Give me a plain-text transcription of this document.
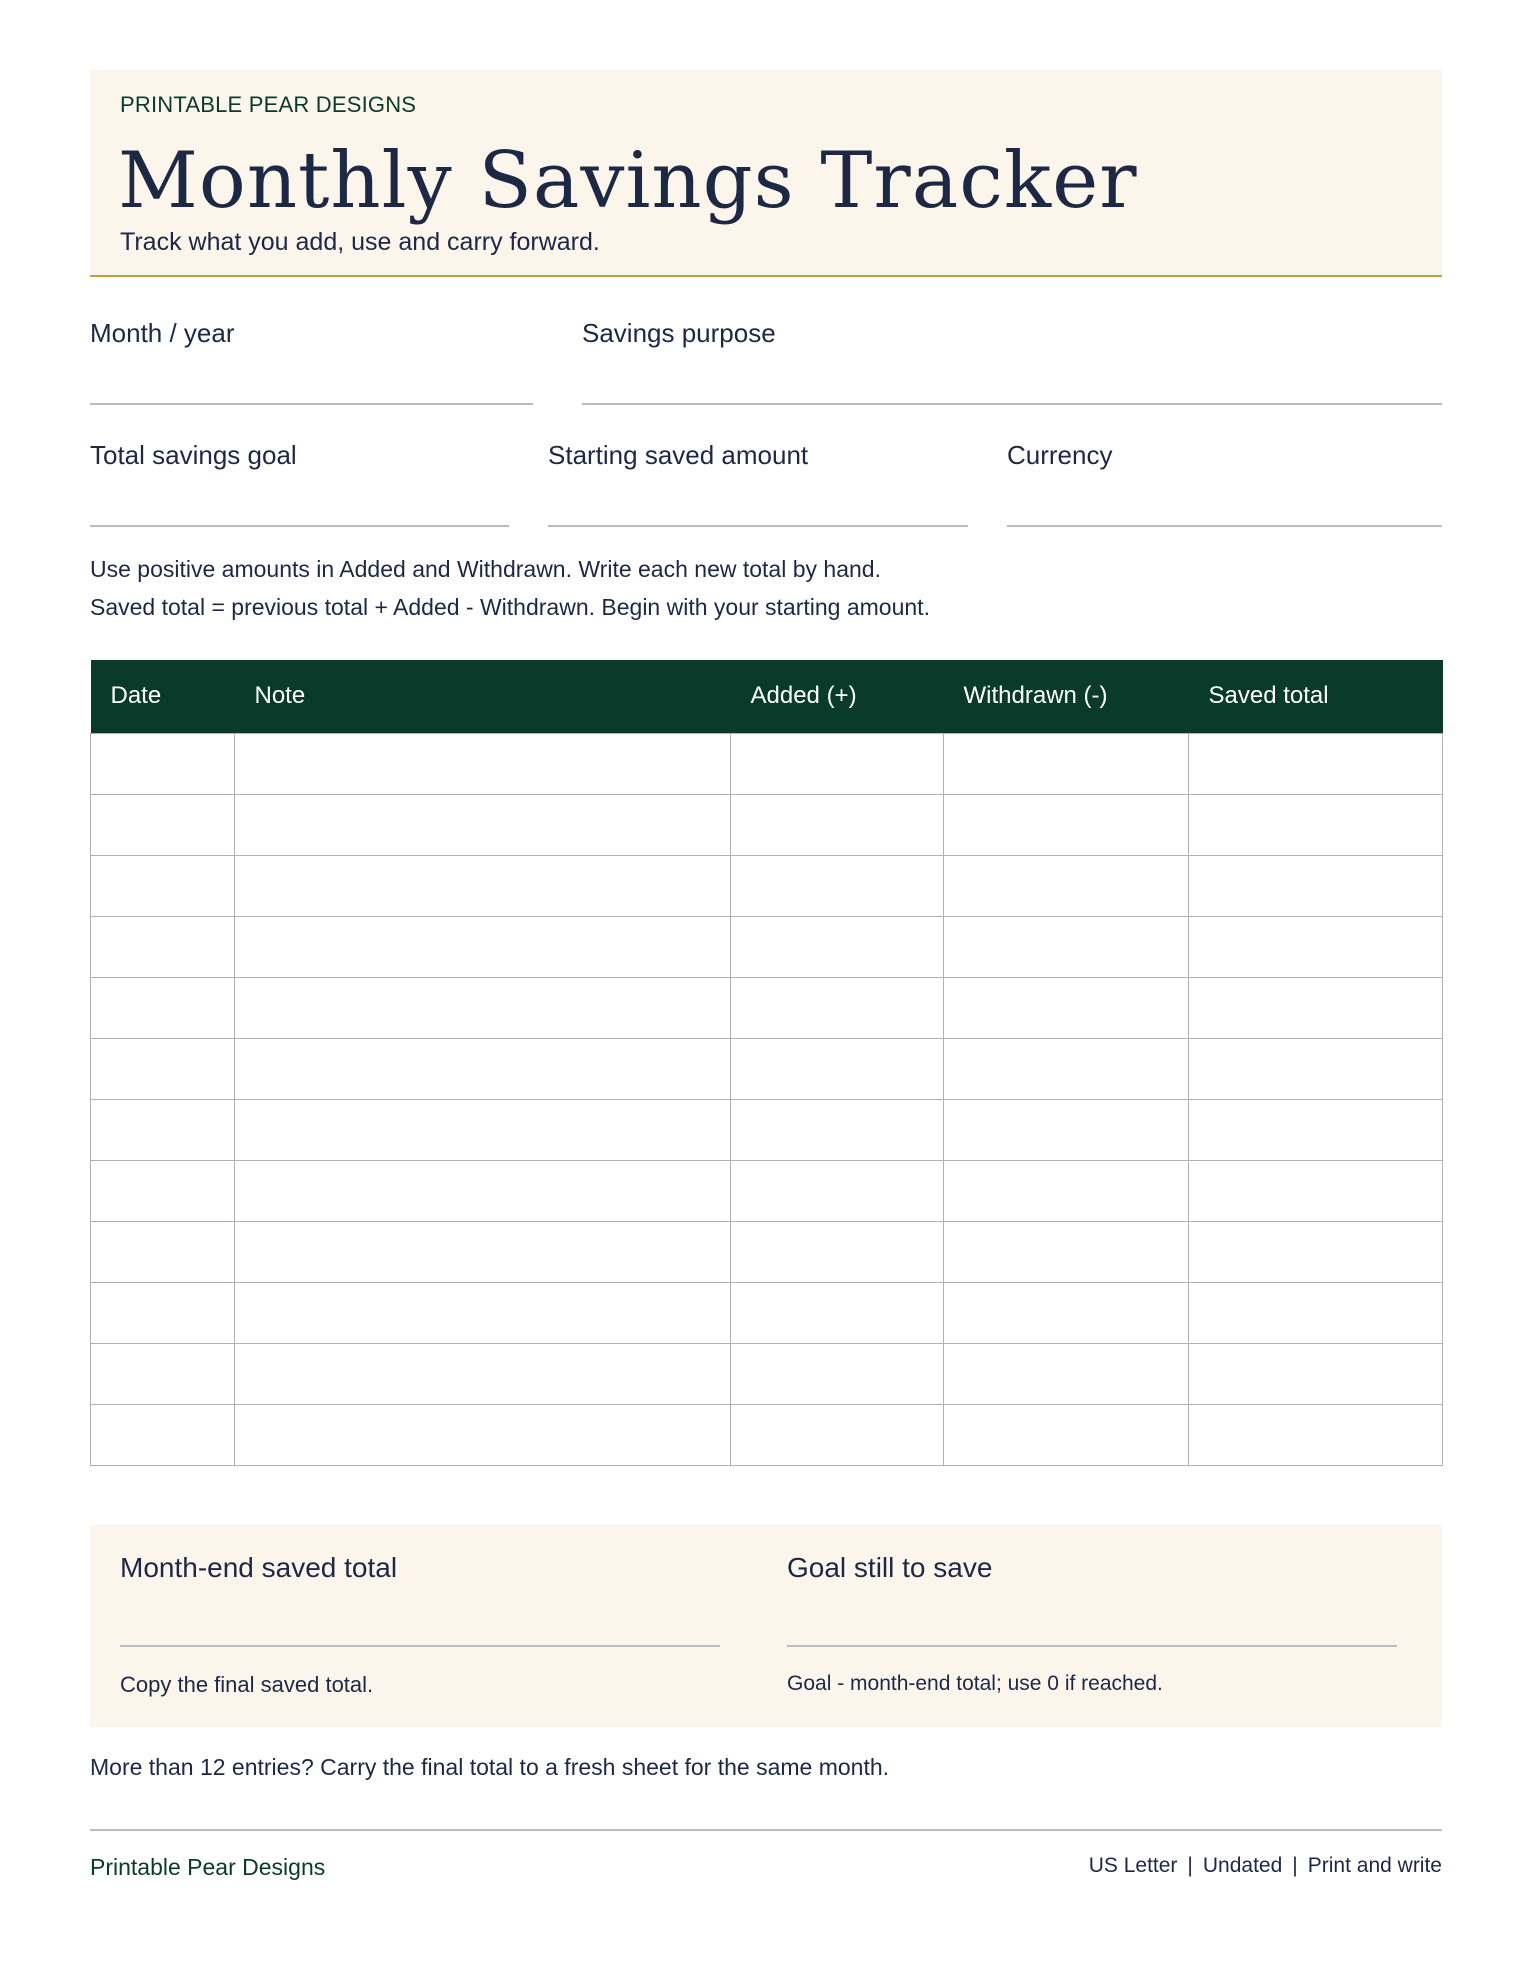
PRINTABLE PEAR DESIGNS
Monthly Savings Tracker
Track what you add, use and carry forward.
Month / year	Savings purpose
Total savings goal	Starting saved amount	Currency
Use positive amounts in Added and Withdrawn. Write each new total by hand.
Saved total = previous total + Added - Withdrawn. Begin with your starting amount.
Date	Note	Added (+)	Withdrawn (-)	Saved total

Month-end saved total
Copy the final saved total.
Goal still to save
Goal - month-end total; use 0 if reached.
More than 12 entries? Carry the final total to a fresh sheet for the same month.
Printable Pear Designs	US Letter | Undated | Print and write
